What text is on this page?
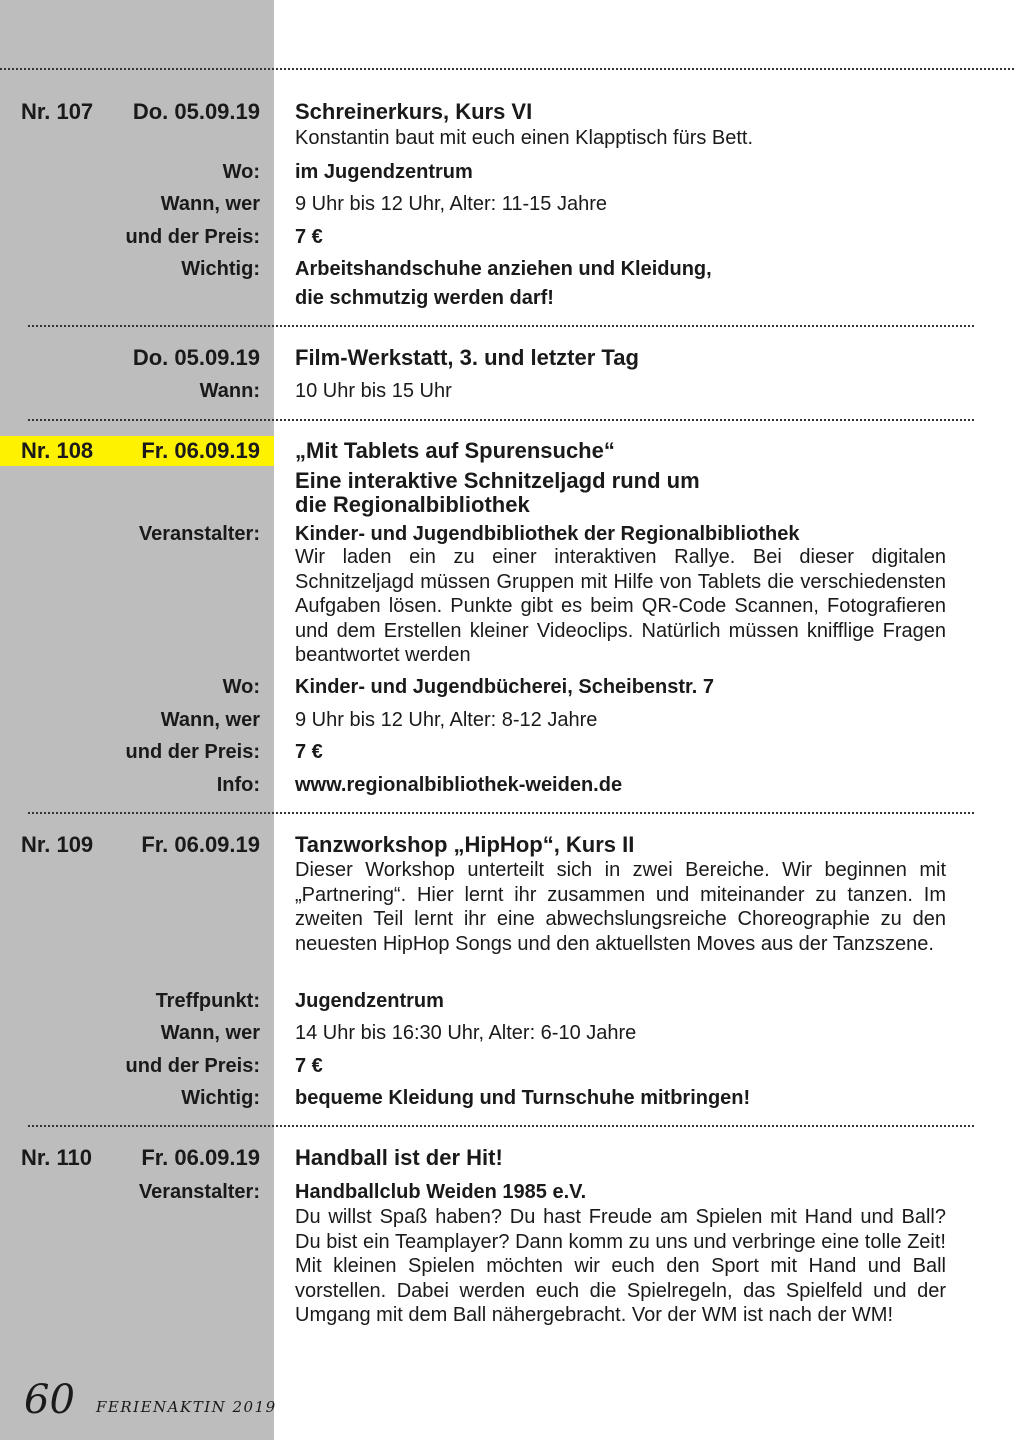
Nr. 107 Do. 05.09.19 Schreinerkurs, Kurs VI
Konstantin baut mit euch einen Klapptisch fürs Bett.
Wo: im Jugendzentrum
Wann, wer 9 Uhr bis 12 Uhr, Alter: 11-15 Jahre
und der Preis: 7 €
Wichtig: Arbeitshandschuhe anziehen und Kleidung,
die schmutzig werden darf!
Do. 05.09.19 Film-Werkstatt, 3. und letzter Tag
Wann: 10 Uhr bis 15 Uhr
Nr. 108 Fr. 06.09.19 „Mit Tablets auf Spurensuche“
Eine interaktive Schnitzeljagd rund um
die Regionalbibliothek
Veranstalter: Kinder- und Jugendbibliothek der Regionalbibliothek
Wir laden ein zu einer interaktiven Rallye. Bei dieser digitalen Schnitzeljagd müssen Gruppen mit Hilfe von Tablets die verschiedensten Aufgaben lösen. Punkte gibt es beim QR-Code Scannen, Fotografieren und dem Erstellen kleiner Videoclips. Natürlich müssen knifflige Fragen beantwortet werden
Wo: Kinder- und Jugendbücherei, Scheibenstr. 7
Wann, wer 9 Uhr bis 12 Uhr, Alter: 8-12 Jahre
und der Preis: 7 €
Info: www.regionalbibliothek-weiden.de
Nr. 109 Fr. 06.09.19 Tanzworkshop „HipHop“, Kurs II
Dieser Workshop unterteilt sich in zwei Bereiche. Wir beginnen mit „Partnering“. Hier lernt ihr zusammen und miteinander zu tanzen. Im zweiten Teil lernt ihr eine abwechslungsreiche Choreographie zu den neuesten HipHop Songs und den aktuellsten Moves aus der Tanzszene.
Treffpunkt: Jugendzentrum
Wann, wer 14 Uhr bis 16:30 Uhr, Alter: 6-10 Jahre
und der Preis: 7 €
Wichtig: bequeme Kleidung und Turnschuhe mitbringen!
Nr. 110 Fr. 06.09.19 Handball ist der Hit!
Veranstalter: Handballclub Weiden 1985 e.V.
Du willst Spaß haben? Du hast Freude am Spielen mit Hand und Ball? Du bist ein Teamplayer? Dann komm zu uns und verbringe eine tolle Zeit! Mit kleinen Spielen möchten wir euch den Sport mit Hand und Ball vorstellen. Dabei werden euch die Spielregeln, das Spielfeld und der Umgang mit dem Ball nähergebracht. Vor der WM ist nach der WM!
60 FERIENAKTIN 2019
